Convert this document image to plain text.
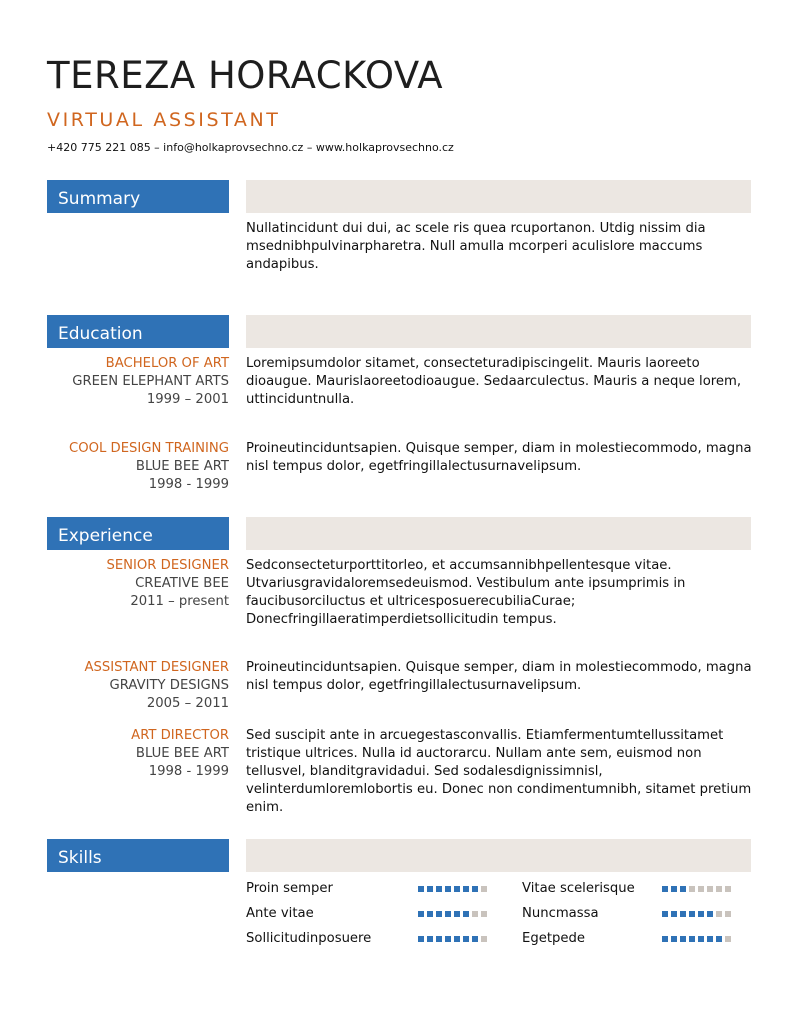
TEREZA HORACKOVA
VIRTUAL ASSISTANT
+420 775 221 085 – info@holkaprovsechno.cz – www.holkaprovsechno.cz
Summary
Nullatincidunt dui dui, ac scele ris quea rcuportanon. Utdig nissim dia msednibhpulvinarpharetra. Null amulla mcorperi aculislore maccums andapibus.
Education
BACHELOR OF ART
GREEN ELEPHANT ARTS
1999 – 2001
Loremipsumdolor sitamet, consecteturadipiscingelit. Mauris laoreeto dioaugue. Maurislaoreetodioaugue. Sedaarculectus. Mauris a neque lorem, uttinciduntnulla.
COOL DESIGN TRAINING
BLUE BEE ART
1998 - 1999
Proineutinciduntsapien. Quisque semper, diam in molestiecommodo, magna nisl tempus dolor, egetfringillalectusurnavelipsum.
Experience
SENIOR DESIGNER
CREATIVE BEE
2011 – present
Sedconsecteturporttitorleo, et accumsannibhpellentesque vitae. Utvariusgravidaloremsedeuismod. Vestibulum ante ipsumprimis in faucibusorciluctus et ultricesposuerecubiliaCurae; Donecfringillaeratimperdietsollicitudin tempus.
ASSISTANT DESIGNER
GRAVITY DESIGNS
2005 – 2011
Proineutinciduntsapien. Quisque semper, diam in molestiecommodo, magna nisl tempus dolor, egetfringillalectusurnavelipsum.
ART DIRECTOR
BLUE BEE ART
1998 - 1999
Sed suscipit ante in arcuegestasconvallis. Etiamfermentumtellussitamet tristique ultrices. Nulla id auctorarcu. Nullam ante sem, euismod non tellusvel, blanditgravidadui. Sed sodalesdignissimnisl, velinterdumloremlobortis eu. Donec non condimentumnibh, sitamet pretium enim.
Skills
Proin semper	Vitae scelerisque
Ante vitae	Nuncmassa
Sollicitudinposuere	Egetpede
